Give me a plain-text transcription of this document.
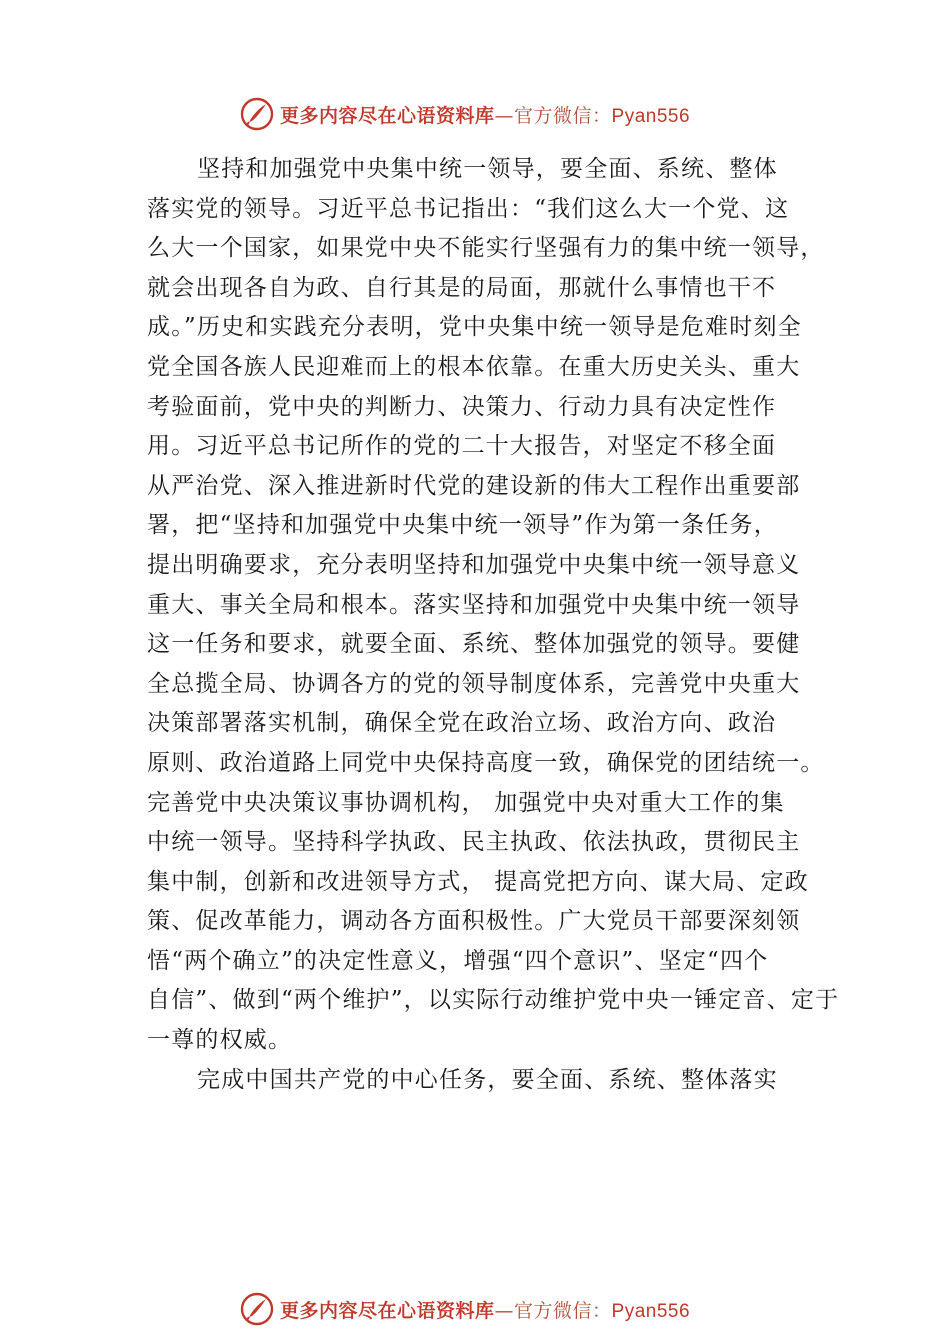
更多内容尽在心语资料库—官方微信：Pyan556
坚持和加强党中央集中统一领导，要全面、系统、整体
落实党的领导。习近平总书记指出：“我们这么大一个党、这
么大一个国家，如果党中央不能实行坚强有力的集中统一领导，
就会出现各自为政、自行其是的局面，那就什么事情也干不
成。”历史和实践充分表明，党中央集中统一领导是危难时刻全
党全国各族人民迎难而上的根本依靠。在重大历史关头、重大
考验面前，党中央的判断力、决策力、行动力具有决定性作
用。习近平总书记所作的党的二十大报告，对坚定不移全面
从严治党、深入推进新时代党的建设新的伟大工程作出重要部
署，把“坚持和加强党中央集中统一领导”作为第一条任务，
提出明确要求，充分表明坚持和加强党中央集中统一领导意义
重大、事关全局和根本。落实坚持和加强党中央集中统一领导
这一任务和要求，就要全面、系统、整体加强党的领导。要健
全总揽全局、协调各方的党的领导制度体系，完善党中央重大
决策部署落实机制，确保全党在政治立场、政治方向、政治
原则、政治道路上同党中央保持高度一致，确保党的团结统一。
完善党中央决策议事协调机构， 加强党中央对重大工作的集
中统一领导。坚持科学执政、民主执政、依法执政，贯彻民主
集中制，创新和改进领导方式， 提高党把方向、谋大局、定政
策、促改革能力，调动各方面积极性。广大党员干部要深刻领
悟“两个确立”的决定性意义，增强“四个意识”、坚定“四个
自信”、做到“两个维护”，以实际行动维护党中央一锤定音、定于
一尊的权威。
完成中国共产党的中心任务，要全面、系统、整体落实
更多内容尽在心语资料库—官方微信：Pyan556
